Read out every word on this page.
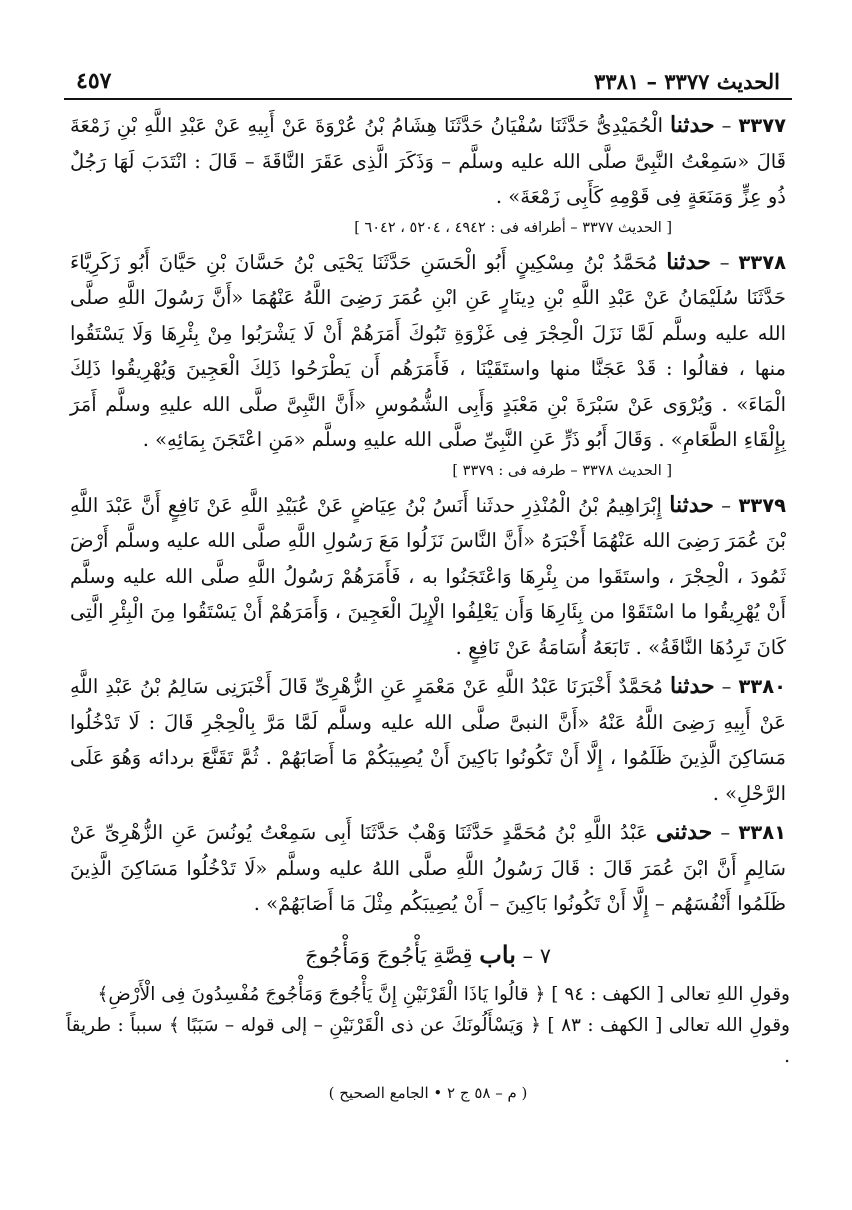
الحديث ٣٣٧٧ – ٣٣٨١
٤٥٧

٣٣٧٧ – حدثنا الْحُمَيْدِىُّ حَدَّثَنَا سُفْيَانُ حَدَّثَنَا هِشَامُ بْنُ عُرْوَةَ عَنْ أَبِيهِ عَنْ عَبْدِ اللَّهِ بْنِ زَمْعَةَ قَالَ «سَمِعْتُ النَّبِىَّ صلَّى الله عليه وسلَّم – وَذَكَرَ الَّذِى عَقَرَ النَّاقَةَ – قَالَ : انْتَدَبَ لَهَا رَجُلٌ ذُو عِزٍّ وَمَنَعَةٍ فِى قَوْمِهِ كَأَبِى زَمْعَةَ» .

[ الحديث ٣٣٧٧ – أطرافه فى : ٤٩٤٢ ، ٥٢٠٤ ، ٦٠٤٢ ]

٣٣٧٨ – حدثنا مُحَمَّدُ بْنُ مِسْكِينٍ أَبُو الْحَسَنِ حَدَّثَنَا يَحْيَى بْنُ حَسَّانَ بْنِ حَيَّانَ أَبُو زَكَرِيَّاءَ حَدَّثَنَا سُلَيْمَانُ عَنْ عَبْدِ اللَّهِ بْنِ دِينَارٍ عَنِ ابْنِ عُمَرَ رَضِىَ اللَّهُ عَنْهُمَا «أَنَّ رَسُولَ اللَّهِ صلَّى الله عليه وسلَّم لَمَّا نَزَلَ الْحِجْرَ فِى غَزْوَةِ تَبُوكَ أَمَرَهُمْ أَنْ لَا يَشْرَبُوا مِنْ بِئْرِهَا وَلَا يَسْتَقُوا منها ، فقالُوا : قَدْ عَجَنَّا منها واستَقَيْنَا ، فَأَمَرَهُم أَن يَطْرَحُوا ذَلِكَ الْعَجِينَ وَيُهْرِيقُوا ذَلِكَ الْمَاءَ» . وَيُرْوَى عَنْ سَبْرَةَ بْنِ مَعْبَدٍ وَأَبِى الشُّمُوسِ «أَنَّ النَّبِىَّ صلَّى الله عليهِ وسلَّم أَمَرَ بِإِلْقَاءِ الطَّعَامِ» . وَقَالَ أَبُو ذَرٍّ عَنِ النَّبِىِّ صلَّى الله عليهِ وسلَّم «مَنِ اعْتَجَنَ بِمَائِهِ» .

[ الحديث ٣٣٧٨ – طرفه فى : ٣٣٧٩ ]

٣٣٧٩ – حدثنا إِبْرَاهِيمُ بْنُ الْمُنْذِرِ حدثَنا أَنَسُ بْنُ عِيَاضٍ عَنْ عُبَيْدِ اللَّهِ عَنْ نَافِعٍ أَنَّ عَبْدَ اللَّهِ بْنَ عُمَرَ رَضِىَ الله عَنْهُمَا أَخْبَرَهُ «أَنَّ النَّاسَ نَزَلُوا مَعَ رَسُولِ اللَّهِ صلَّى الله عليه وسلَّم أَرْضَ ثَمُودَ ، الْحِجْرَ ، واستَقَوا من بِئْرِهَا وَاعْتَجَنُوا به ، فَأَمَرَهُمْ رَسُولُ اللَّهِ صلَّى الله عليه وسلَّم أَنْ يُهْرِيقُوا ما اسْتَقَوْا من بِئَارِهَا وَأَن يَعْلِفُوا الْإِبِلَ الْعَجِينَ ، وَأَمَرَهُمْ أَنْ يَسْتَقُوا مِنَ الْبِئْرِ الَّتِى كَانَ تَرِدُهَا النَّاقَةُ» . تَابَعَهُ أُسَامَةُ عَنْ نَافِعٍ .

٣٣٨٠ – حدثنا مُحَمَّدٌ أَخْبَرَنَا عَبْدُ اللَّهِ عَنْ مَعْمَرٍ عَنِ الزُّهْرِىِّ قَالَ أَخْبَرَنِى سَالِمُ بْنُ عَبْدِ اللَّهِ عَنْ أَبِيهِ رَضِىَ اللَّهُ عَنْهُ «أَنَّ النبىَّ صلَّى الله عليه وسلَّم لَمَّا مَرَّ بِالْحِجْرِ قَالَ : لَا تَدْخُلُوا مَسَاكِنَ الَّذِينَ ظَلَمُوا ، إِلَّا أَنْ تَكُونُوا بَاكِينَ أَنْ يُصِيبَكُمْ مَا أَصَابَهُمْ . ثُمَّ تَقَنَّعَ بردائه وَهُوَ عَلَى الرَّحْلِ» .

٣٣٨١ – حدثنى عَبْدُ اللَّهِ بْنُ مُحَمَّدٍ حَدَّثَنَا وَهْبٌ حَدَّثَنَا أَبِى سَمِعْتُ يُونُسَ عَنِ الزُّهْرِىِّ عَنْ سَالِمٍ أَنَّ ابْنَ عُمَرَ قَالَ : قَالَ رَسُولُ اللَّهِ صلَّى اللهُ عليه وسلَّم «لَا تَدْخُلُوا مَسَاكِنَ الَّذِينَ ظَلَمُوا أَنْفُسَهُم – إِلَّا أَنْ تَكُونُوا بَاكِينَ – أَنْ يُصِيبَكُم مِثْلَ مَا أَصَابَهُمْ» .

٧ – باب قِصَّةِ يَأْجُوجَ وَمَأْجُوجَ
وقولِ اللهِ تعالى [ الكهف : ٩٤ ] ﴿ قالُوا يَاذَا الْقَرْنَيْنِ إِنَّ يَأْجُوجَ وَمَأْجُوجَ مُفْسِدُونَ فِى الْأَرْضِ﴾
وقولِ الله تعالى [ الكهف : ٨٣ ] ﴿ وَيَسْأَلُونَكَ عن ذى الْقَرْنَيْنِ – إلى قوله – سَبَبًا ﴾ سبباً : طريقاً .
( م – ٥٨ ج ٢ • الجامع الصحيح )
